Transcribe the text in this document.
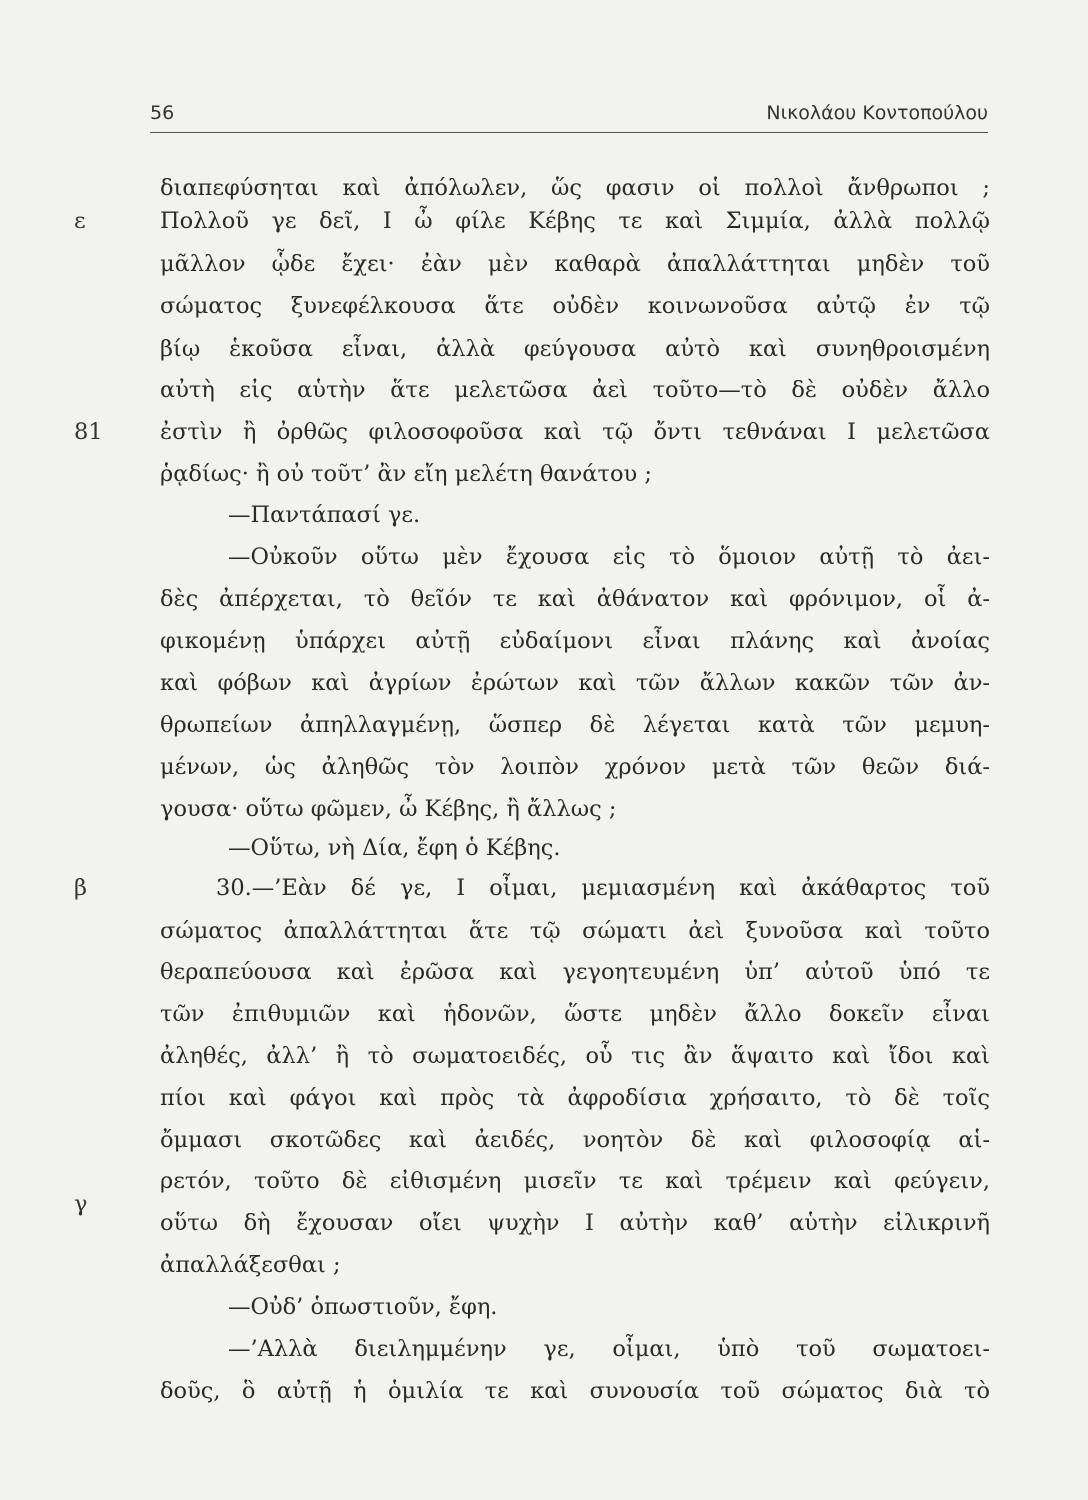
56	Νικολάου Κοντοπούλου
ε
81
β
γ
διαπεφύσηται καὶ ἀπόλωλεν, ὥς φασιν οἱ πολλοὶ ἄνθρωποι ;
Πολλοῦ γε δεῖ, Ι ὦ φίλε Κέβης τε καὶ Σιμμία, ἀλλὰ πολλῷ
μᾶλλον ᾧδε ἔχει· ἐὰν μὲν καθαρὰ ἀπαλλάττηται μηδὲν τοῦ
σώματος ξυνεφέλκουσα ἅτε οὐδὲν κοινωνοῦσα αὐτῷ ἐν τῷ
βίῳ ἑκοῦσα εἶναι, ἀλλὰ φεύγουσα αὐτὸ καὶ συνηθροισμένη
αὐτὴ εἰς αὑτὴν ἅτε μελετῶσα ἀεὶ τοῦτο—τὸ δὲ οὐδὲν ἄλλο
ἐστὶν ἢ ὀρθῶς φιλοσοφοῦσα καὶ τῷ ὄντι τεθνάναι Ι μελετῶσα
ῥᾳδίως· ἢ οὐ τοῦτ’ ἂν εἴη μελέτη θανάτου ;
—Παντάπασί γε.
—Οὐκοῦν οὕτω μὲν ἔχουσα εἰς τὸ ὅμοιον αὐτῇ τὸ ἀει-
δὲς ἀπέρχεται, τὸ θεῖόν τε καὶ ἀθάνατον καὶ φρόνιμον, οἷ ἀ-
φικομένῃ ὑπάρχει αὐτῇ εὐδαίμονι εἶναι πλάνης καὶ ἀνοίας
καὶ φόβων καὶ ἀγρίων ἐρώτων καὶ τῶν ἄλλων κακῶν τῶν ἀν-
θρωπείων ἀπηλλαγμένῃ, ὥσπερ δὲ λέγεται κατὰ τῶν μεμυη-
μένων, ὡς ἀληθῶς τὸν λοιπὸν χρόνον μετὰ τῶν θεῶν διά-
γουσα· οὕτω φῶμεν, ὦ Κέβης, ἢ ἄλλως ;
—Οὕτω, νὴ Δία, ἔφη ὁ Κέβης.
30.—’Εὰν δέ γε, Ι οἶμαι, μεμιασμένη καὶ ἀκάθαρτος τοῦ
σώματος ἀπαλλάττηται ἅτε τῷ σώματι ἀεὶ ξυνοῦσα καὶ τοῦτο
θεραπεύουσα καὶ ἐρῶσα καὶ γεγοητευμένη ὑπ’ αὐτοῦ ὑπό τε
τῶν ἐπιθυμιῶν καὶ ἡδονῶν, ὥστε μηδὲν ἄλλο δοκεῖν εἶναι
ἀληθές, ἀλλ’ ἢ τὸ σωματοειδές, οὗ τις ἂν ἅψαιτο καὶ ἴδοι καὶ
πίοι καὶ φάγοι καὶ πρὸς τὰ ἀφροδίσια χρήσαιτο, τὸ δὲ τοῖς
ὄμμασι σκοτῶδες καὶ ἀειδές, νοητὸν δὲ καὶ φιλοσοφίᾳ αἱ-
ρετόν, τοῦτο δὲ εἰθισμένη μισεῖν τε καὶ τρέμειν καὶ φεύγειν,
οὕτω δὴ ἔχουσαν οἴει ψυχὴν Ι αὐτὴν καθ’ αὑτὴν εἰλικρινῆ
ἀπαλλάξεσθαι ;
—Οὐδ’ ὁπωστιοῦν, ἔφη.
—’Αλλὰ διειλημμένην γε, οἶμαι, ὑπὸ τοῦ σωματοει-
δοῦς, ὃ αὐτῇ ἡ ὁμιλία τε καὶ συνουσία τοῦ σώματος διὰ τὸ
